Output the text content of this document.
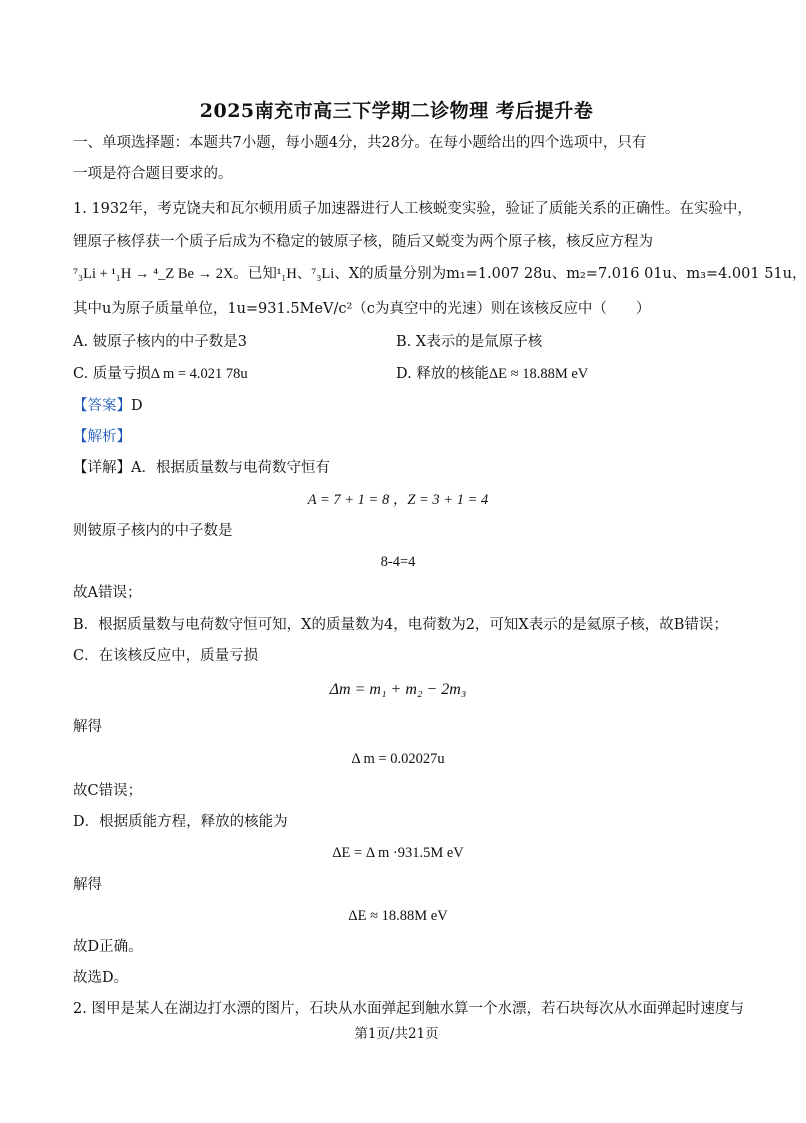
2025南充市高三下学期二诊物理 考后提升卷
一、单项选择题：本题共7小题，每小题4分，共28分。在每小题给出的四个选项中，只有
一项是符合题目要求的。
1. 1932年，考克饶夫和瓦尔顿用质子加速器进行人工核蜕变实验，验证了质能关系的正确性。在实验中，
锂原子核俘获一个质子后成为不稳定的铍原子核，随后又蜕变为两个原子核，核反应方程为
⁷₃Li + ¹₁H → ⁴_Z Be → 2X。已知¹₁H、⁷₃Li、X的质量分别为m₁=1.007 28u、m₂=7.016 01u、m₃=4.001 51u，
其中u为原子质量单位，1u=931.5MeV/c²（c为真空中的光速）则在该核反应中（　　）
A. 铍原子核内的中子数是3	B. X表示的是氚原子核
C. 质量亏损Δ m = 4.021 78u	D. 释放的核能ΔE ≈ 18.88M eV
【答案】D
【解析】
【详解】A．根据质量数与电荷数守恒有
A = 7 + 1 = 8 ，Z = 3 + 1 = 4
则铍原子核内的中子数是
8-4=4
故A错误；
B．根据质量数与电荷数守恒可知，X的质量数为4，电荷数为2，可知X表示的是氦原子核，故B错误；
C．在该核反应中，质量亏损
Δm = m₁ + m₂ − 2m₃
解得
Δ m = 0.02027u
故C错误；
D．根据质能方程，释放的核能为
ΔE = Δ m ·931.5M eV
解得
ΔE ≈ 18.88M eV
故D正确。
故选D。
2. 图甲是某人在湖边打水漂的图片，石块从水面弹起到触水算一个水漂，若石块每次从水面弹起时速度与
第1页/共21页
